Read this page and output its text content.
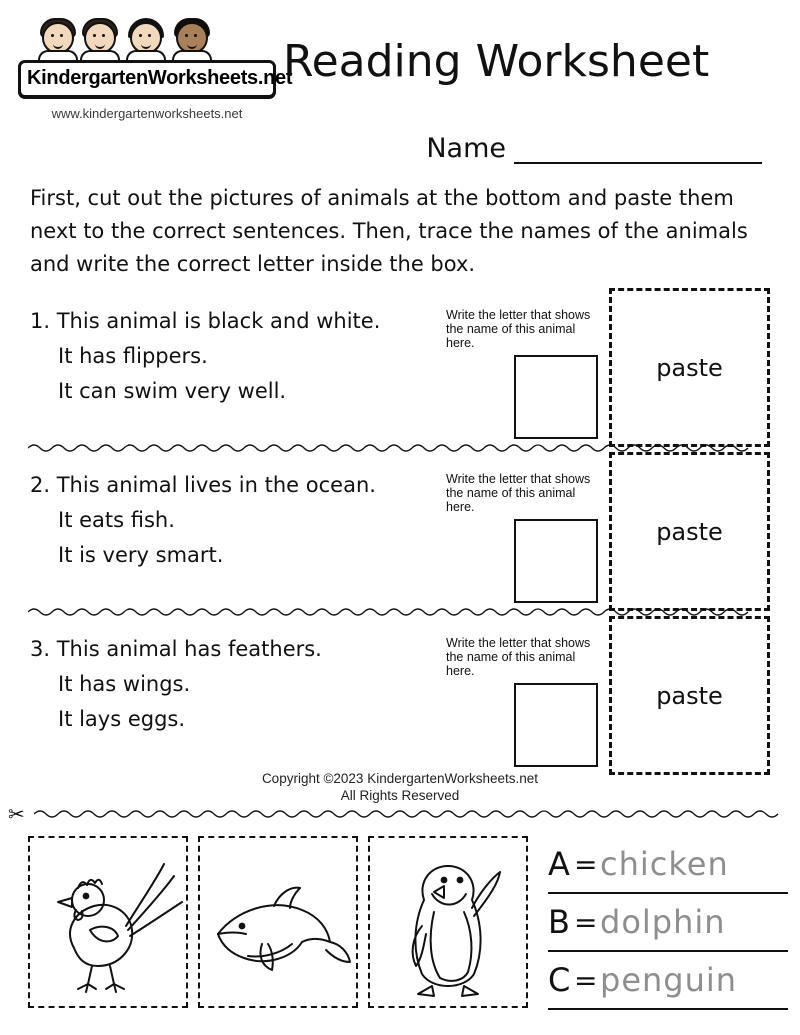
KindergartenWorksheets.net
www.kindergartenworksheets.net
Reading Worksheet
Name
First, cut out the pictures of animals at the bottom and paste them next to the correct sentences. Then, trace the names of the animals and write the correct letter inside the box.
1. This animal is black and white.
It has flippers.
It can swim very well.
Write the letter that shows the name of this animal here.
paste
2. This animal lives in the ocean.
It eats fish.
It is very smart.
Write the letter that shows the name of this animal here.
paste
3. This animal has feathers.
It has wings.
It lays eggs.
Write the letter that shows the name of this animal here.
paste
Copyright ©2023 KindergartenWorksheets.net
All Rights Reserved
✂
A = chicken
B = dolphin
C = penguin
